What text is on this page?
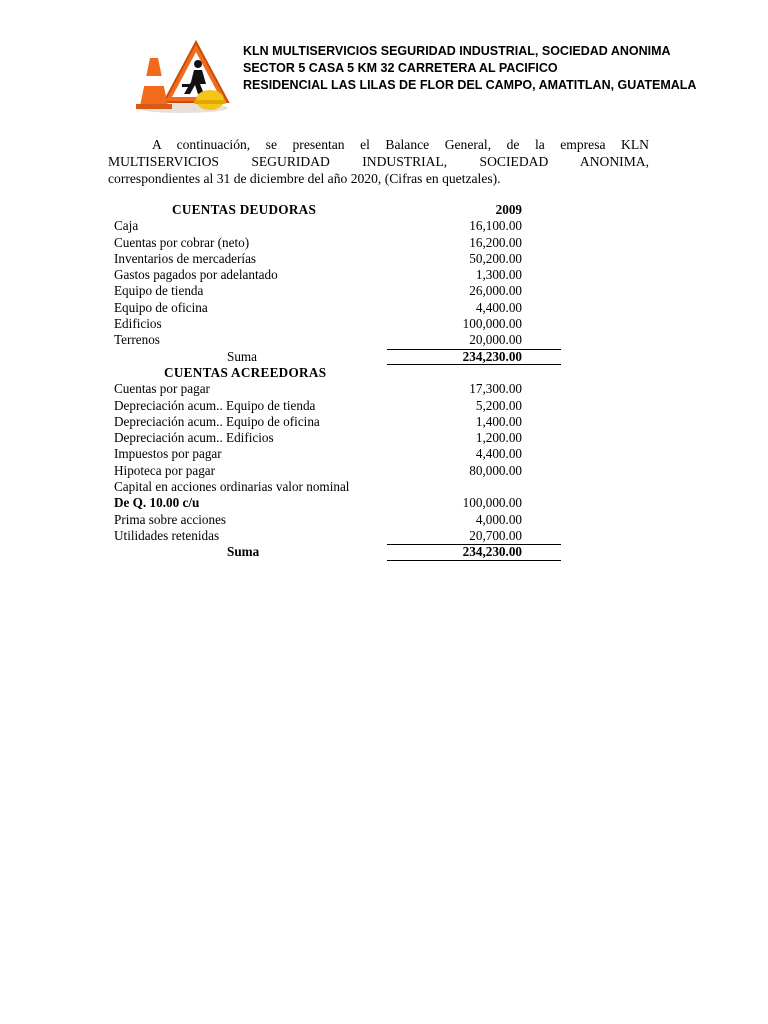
KLN MULTISERVICIOS SEGURIDAD INDUSTRIAL, SOCIEDAD ANONIMA
SECTOR 5 CASA 5 KM 32 CARRETERA AL PACIFICO
RESIDENCIAL LAS LILAS DE FLOR DEL CAMPO, AMATITLAN, GUATEMALA
A continuación, se presentan el Balance General, de la empresa KLN
MULTISERVICIOS SEGURIDAD INDUSTRIAL, SOCIEDAD ANONIMA,
correspondientes al 31 de diciembre del año 2020, (Cifras en quetzales).
CUENTAS DEUDORAS	2009
Caja	16,100.00
Cuentas por cobrar (neto)	16,200.00
Inventarios de mercaderías	50,200.00
Gastos pagados por adelantado	1,300.00
Equipo de tienda	26,000.00
Equipo de oficina	4,400.00
Edificios	100,000.00
Terrenos	20,000.00
Suma	234,230.00
CUENTAS ACREEDORAS
Cuentas por pagar	17,300.00
Depreciación acum.. Equipo de tienda	5,200.00
Depreciación acum.. Equipo de oficina	1,400.00
Depreciación acum.. Edificios	1,200.00
Impuestos por pagar	4,400.00
Hipoteca por pagar	80,000.00
Capital en acciones ordinarias valor nominal
De Q. 10.00 c/u	100,000.00
Prima sobre acciones	4,000.00
Utilidades retenidas	20,700.00
Suma	234,230.00
